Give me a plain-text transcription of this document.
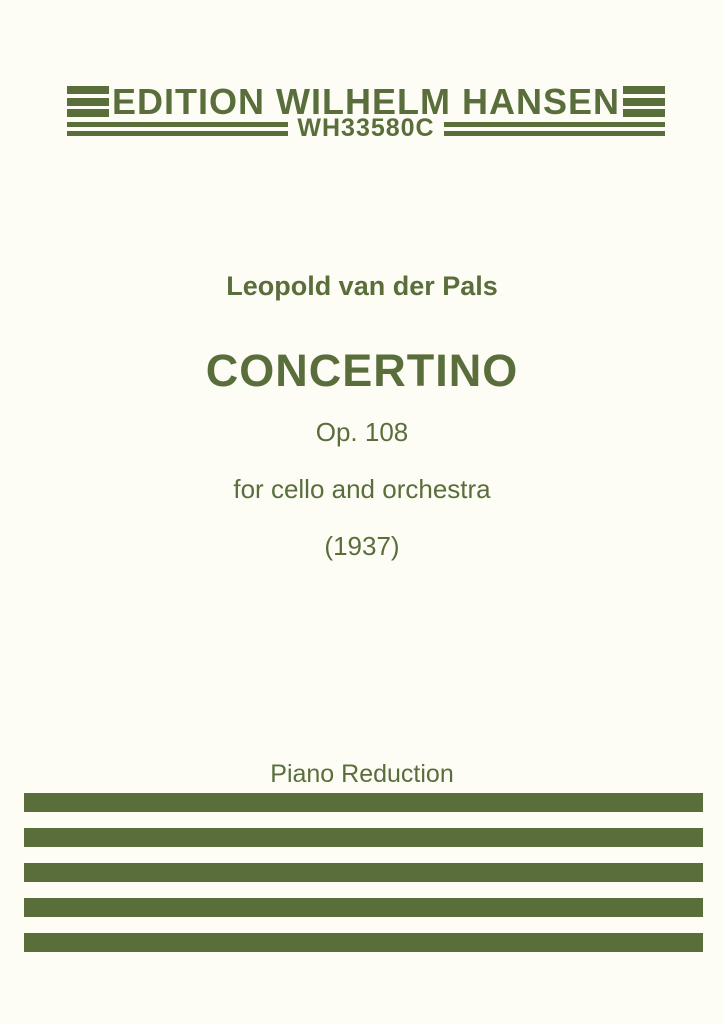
EDITION WILHELM HANSEN
WH33580C
Leopold van der Pals
CONCERTINO
Op. 108
for cello and orchestra
(1937)
Piano Reduction
